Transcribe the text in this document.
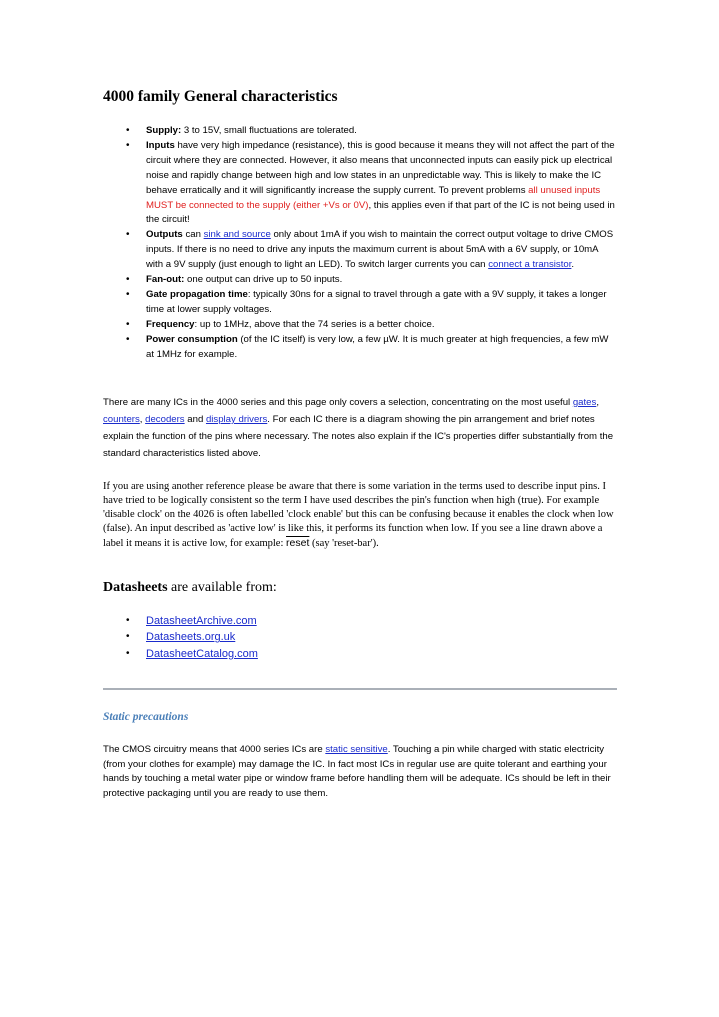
4000 family General characteristics
• Supply: 3 to 15V, small fluctuations are tolerated.
• Inputs have very high impedance (resistance), this is good because it means they will not affect the part of the circuit where they are connected. However, it also means that unconnected inputs can easily pick up electrical noise and rapidly change between high and low states in an unpredictable way. This is likely to make the IC behave erratically and it will significantly increase the supply current. To prevent problems all unused inputs MUST be connected to the supply (either +Vs or 0V), this applies even if that part of the IC is not being used in the circuit!
• Outputs can sink and source only about 1mA if you wish to maintain the correct output voltage to drive CMOS inputs. If there is no need to drive any inputs the maximum current is about 5mA with a 6V supply, or 10mA with a 9V supply (just enough to light an LED). To switch larger currents you can connect a transistor.
• Fan-out: one output can drive up to 50 inputs.
• Gate propagation time: typically 30ns for a signal to travel through a gate with a 9V supply, it takes a longer time at lower supply voltages.
• Frequency: up to 1MHz, above that the 74 series is a better choice.
• Power consumption (of the IC itself) is very low, a few µW. It is much greater at high frequencies, a few mW at 1MHz for example.

There are many ICs in the 4000 series and this page only covers a selection, concentrating on the most useful gates, counters, decoders and display drivers. For each IC there is a diagram showing the pin arrangement and brief notes explain the function of the pins where necessary. The notes also explain if the IC's properties differ substantially from the standard characteristics listed above.

If you are using another reference please be aware that there is some variation in the terms used to describe input pins. I have tried to be logically consistent so the term I have used describes the pin's function when high (true). For example 'disable clock' on the 4026 is often labelled 'clock enable' but this can be confusing because it enables the clock when low (false). An input described as 'active low' is like this, it performs its function when low. If you see a line drawn above a label it means it is active low, for example: reset (say 'reset-bar').

Datasheets are available from:
• DatasheetArchive.com
• Datasheets.org.uk
• DatasheetCatalog.com
Static precautions

The CMOS circuitry means that 4000 series ICs are static sensitive. Touching a pin while charged with static electricity (from your clothes for example) may damage the IC. In fact most ICs in regular use are quite tolerant and earthing your hands by touching a metal water pipe or window frame before handling them will be adequate. ICs should be left in their protective packaging until you are ready to use them.
